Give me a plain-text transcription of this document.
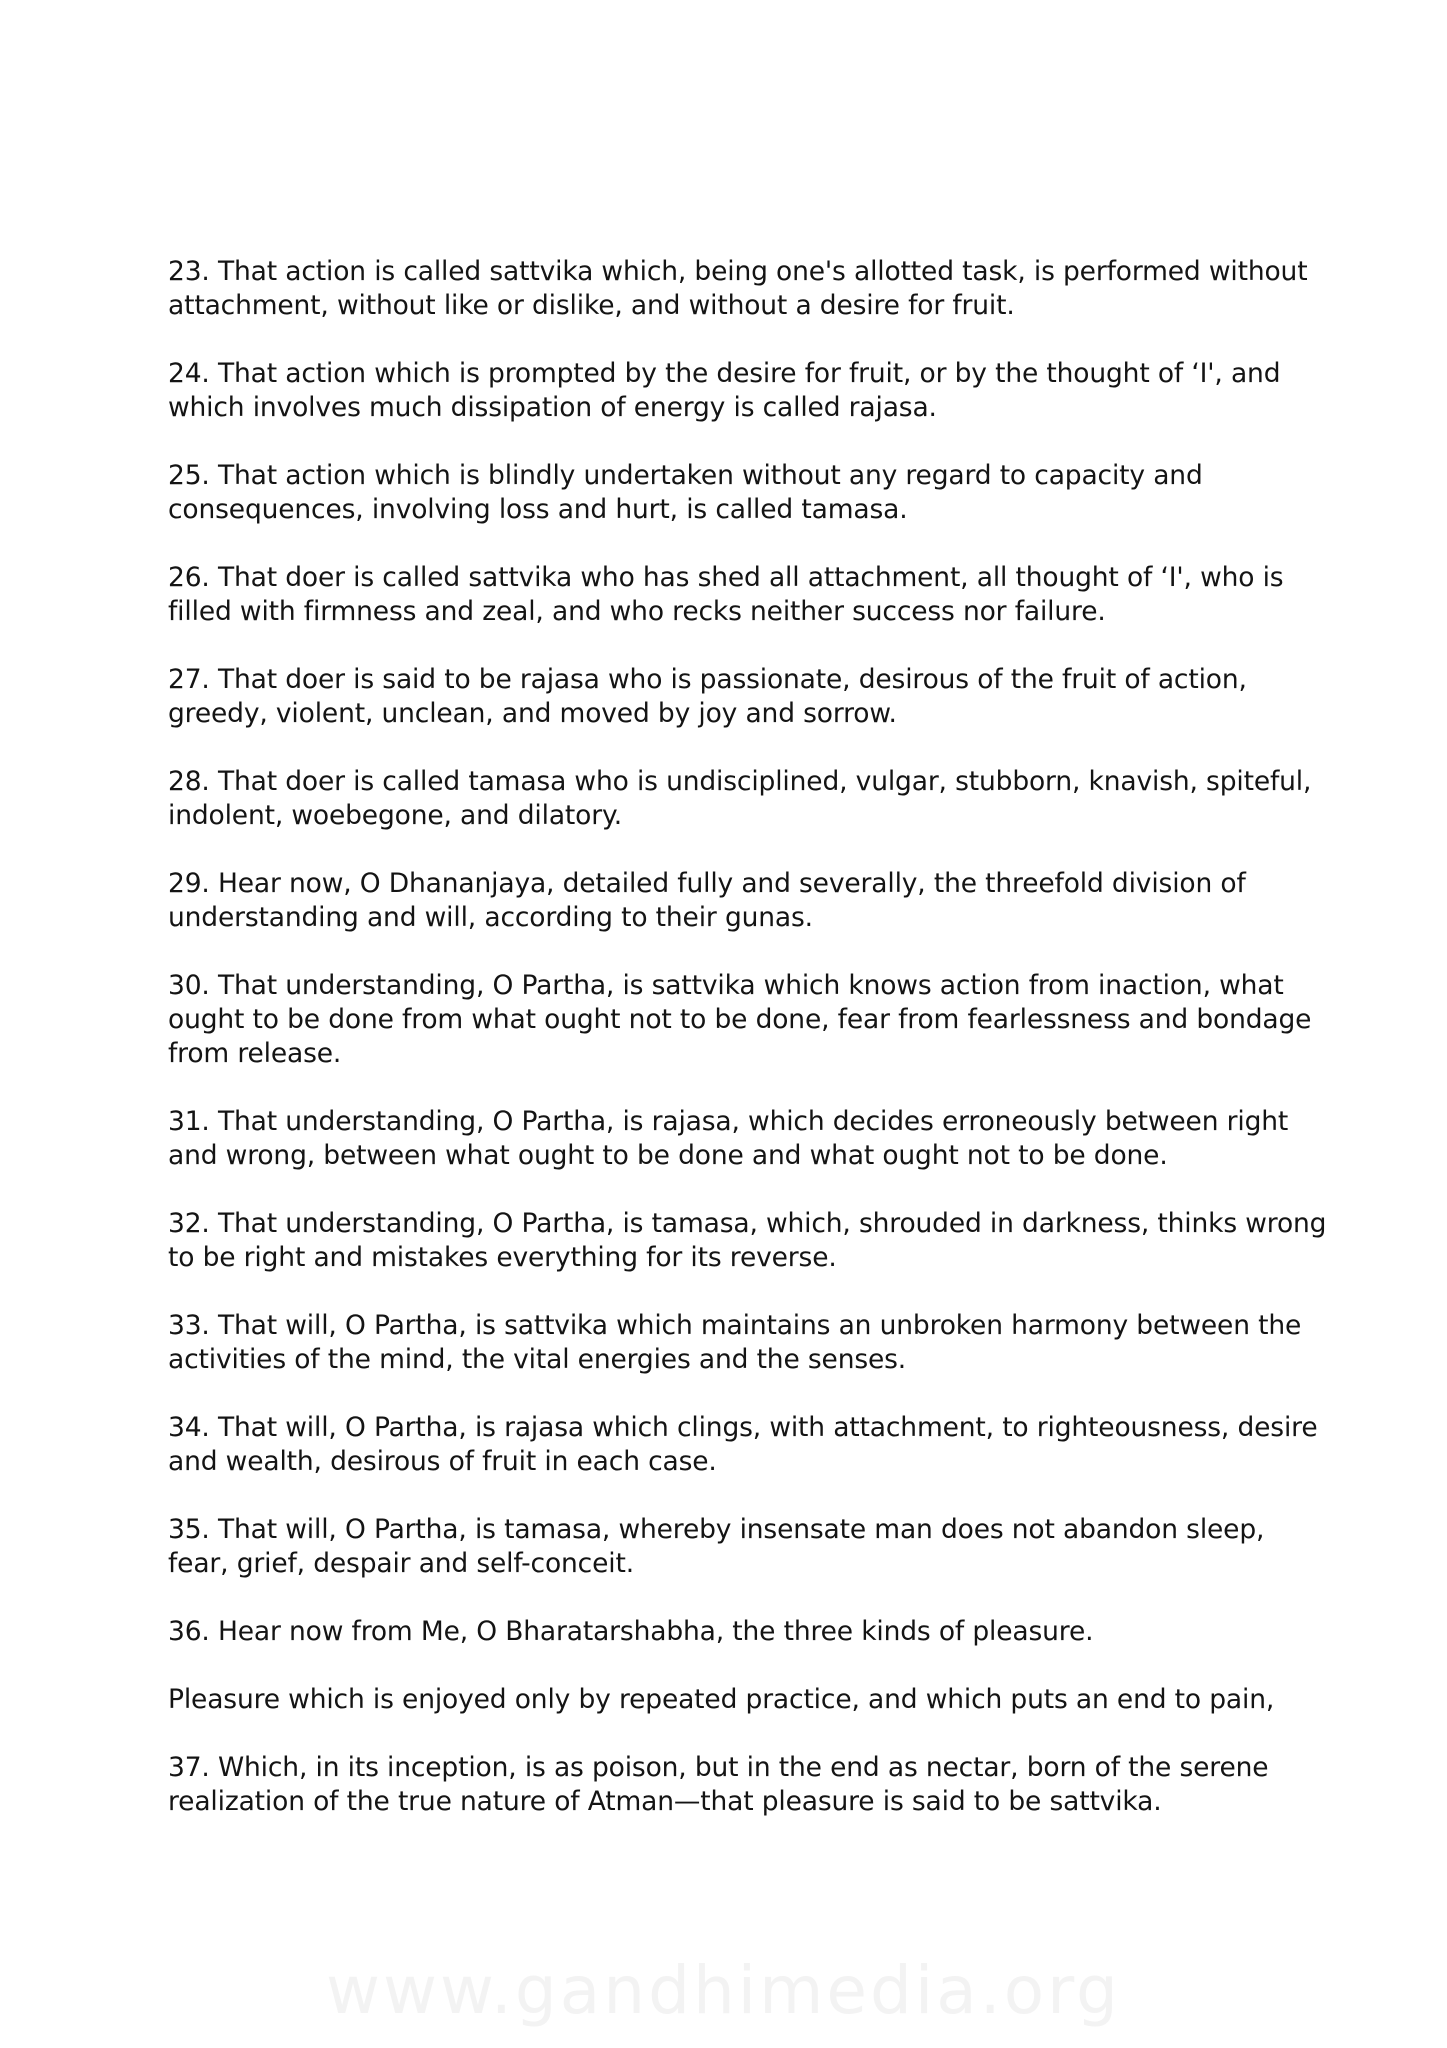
23. That action is called sattvika which, being one's allotted task, is performed without
attachment, without like or dislike, and without a desire for fruit.

24. That action which is prompted by the desire for fruit, or by the thought of ‘I', and
which involves much dissipation of energy is called rajasa.

25. That action which is blindly undertaken without any regard to capacity and
consequences, involving loss and hurt, is called tamasa.

26. That doer is called sattvika who has shed all attachment, all thought of ‘I', who is
filled with firmness and zeal, and who recks neither success nor failure.

27. That doer is said to be rajasa who is passionate, desirous of the fruit of action,
greedy, violent, unclean, and moved by joy and sorrow.

28. That doer is called tamasa who is undisciplined, vulgar, stubborn, knavish, spiteful,
indolent, woebegone, and dilatory.

29. Hear now, O Dhananjaya, detailed fully and severally, the threefold division of
understanding and will, according to their gunas.

30. That understanding, O Partha, is sattvika which knows action from inaction, what
ought to be done from what ought not to be done, fear from fearlessness and bondage
from release.

31. That understanding, O Partha, is rajasa, which decides erroneously between right
and wrong, between what ought to be done and what ought not to be done.

32. That understanding, O Partha, is tamasa, which, shrouded in darkness, thinks wrong
to be right and mistakes everything for its reverse.

33. That will, O Partha, is sattvika which maintains an unbroken harmony between the
activities of the mind, the vital energies and the senses.

34. That will, O Partha, is rajasa which clings, with attachment, to righteousness, desire
and wealth, desirous of fruit in each case.

35. That will, O Partha, is tamasa, whereby insensate man does not abandon sleep,
fear, grief, despair and self-conceit.

36. Hear now from Me, O Bharatarshabha, the three kinds of pleasure.

Pleasure which is enjoyed only by repeated practice, and which puts an end to pain,

37. Which, in its inception, is as poison, but in the end as nectar, born of the serene
realization of the true nature of Atman—that pleasure is said to be sattvika.

www.gandhimedia.org
